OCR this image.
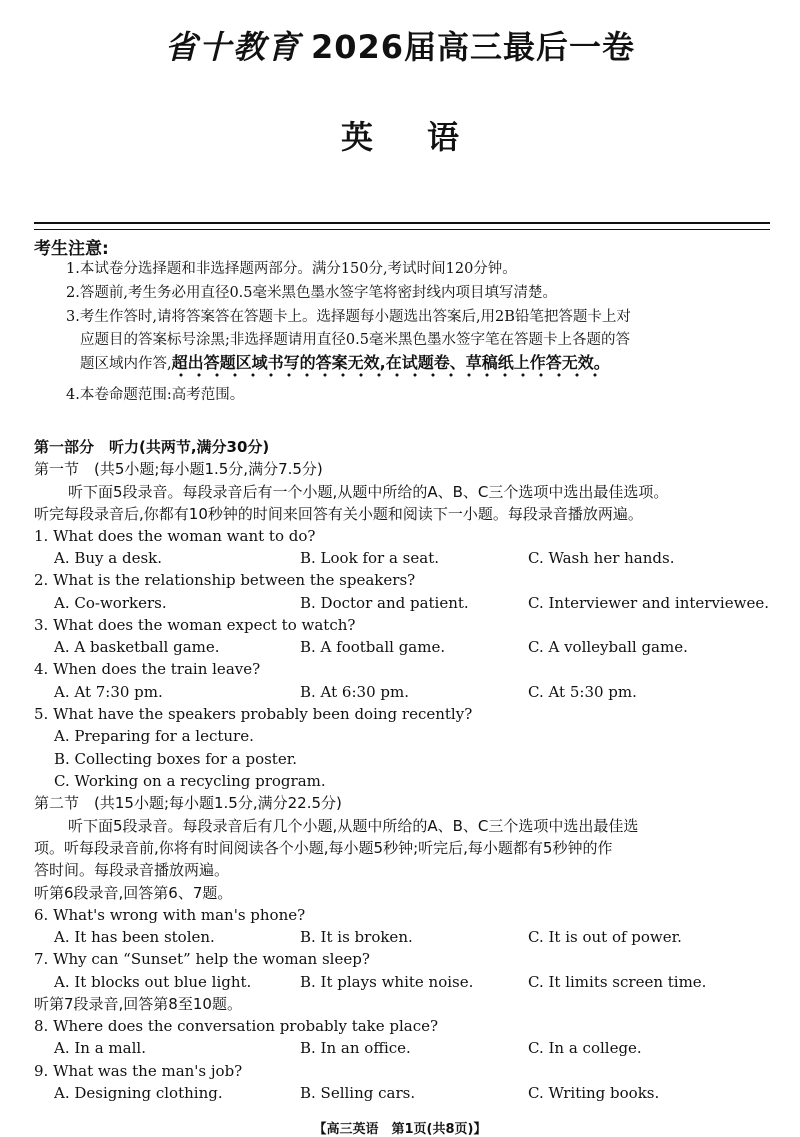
省十教育 2026届高三最后一卷
英语
考生注意:
1.本试卷分选择题和非选择题两部分。满分150分,考试时间120分钟。
2.答题前,考生务必用直径0.5毫米黑色墨水签字笔将密封线内项目填写清楚。
3.考生作答时,请将答案答在答题卡上。选择题每小题选出答案后,用2B铅笔把答题卡上对
应题目的答案标号涂黑;非选择题请用直径0.5毫米黑色墨水签字笔在答题卡上各题的答
题区域内作答,超出答题区域书写的答案无效,在试题卷、草稿纸上作答无效。
4.本卷命题范围:高考范围。
第一部分　听力(共两节,满分30分)
第一节　(共5小题;每小题1.5分,满分7.5分)
听下面5段录音。每段录音后有一个小题,从题中所给的A、B、C三个选项中选出最佳选项。
听完每段录音后,你都有10秒钟的时间来回答有关小题和阅读下一小题。每段录音播放两遍。
1. What does the woman want to do?
A. Buy a desk.	B. Look for a seat.	C. Wash her hands.
2. What is the relationship between the speakers?
A. Co-workers.	B. Doctor and patient.	C. Interviewer and interviewee.
3. What does the woman expect to watch?
A. A basketball game.	B. A football game.	C. A volleyball game.
4. When does the train leave?
A. At 7:30 pm.	B. At 6:30 pm.	C. At 5:30 pm.
5. What have the speakers probably been doing recently?
A. Preparing for a lecture.
B. Collecting boxes for a poster.
C. Working on a recycling program.
第二节　(共15小题;每小题1.5分,满分22.5分)
听下面5段录音。每段录音后有几个小题,从题中所给的A、B、C三个选项中选出最佳选
项。听每段录音前,你将有时间阅读各个小题,每小题5秒钟;听完后,每小题都有5秒钟的作
答时间。每段录音播放两遍。
听第6段录音,回答第6、7题。
6. What's wrong with man's phone?
A. It has been stolen.	B. It is broken.	C. It is out of power.
7. Why can “Sunset” help the woman sleep?
A. It blocks out blue light.	B. It plays white noise.	C. It limits screen time.
听第7段录音,回答第8至10题。
8. Where does the conversation probably take place?
A. In a mall.	B. In an office.	C. In a college.
9. What was the man's job?
A. Designing clothing.	B. Selling cars.	C. Writing books.
【高三英语　第1页(共8页)】
